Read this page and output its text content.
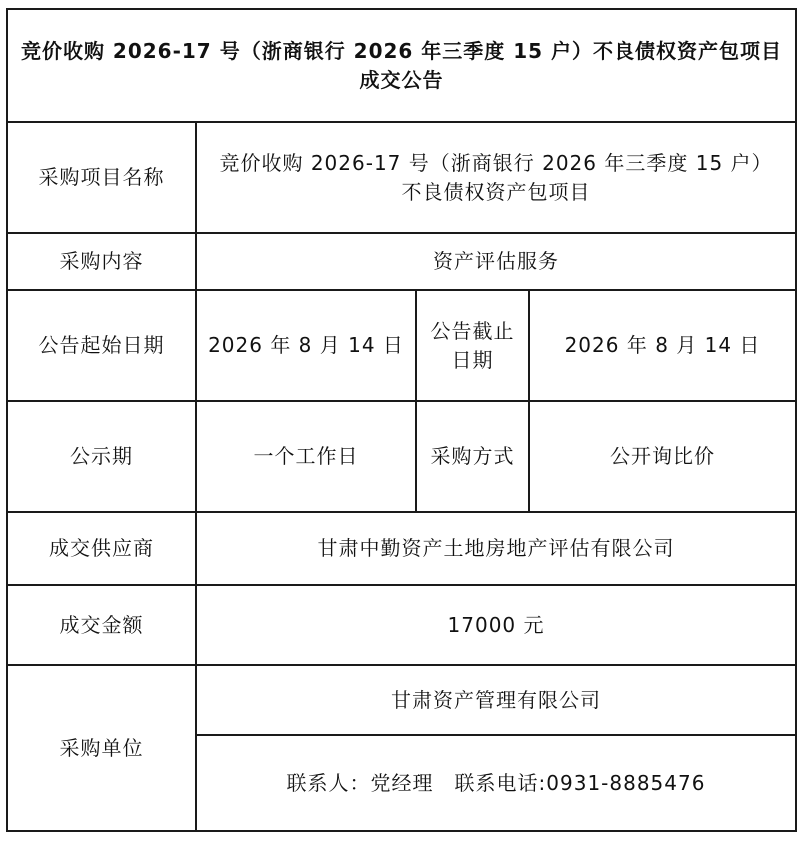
竞价收购 2026-17 号（浙商银行 2026 年三季度 15 户）不良债权资产包项目成交公告			
采购项目名称	竞价收购 2026-17 号（浙商银行 2026 年三季度 15 户）不良债权资产包项目		
采购内容	资产评估服务		
公告起始日期	2026 年 8 月 14 日	公告截止日期	2026 年 8 月 14 日
公示期	一个工作日	采购方式	公开询比价
成交供应商	甘肃中勤资产土地房地产评估有限公司		
成交金额	17000 元		
采购单位	甘肃资产管理有限公司		
	联系人：党经理　联系电话:0931-8885476		
